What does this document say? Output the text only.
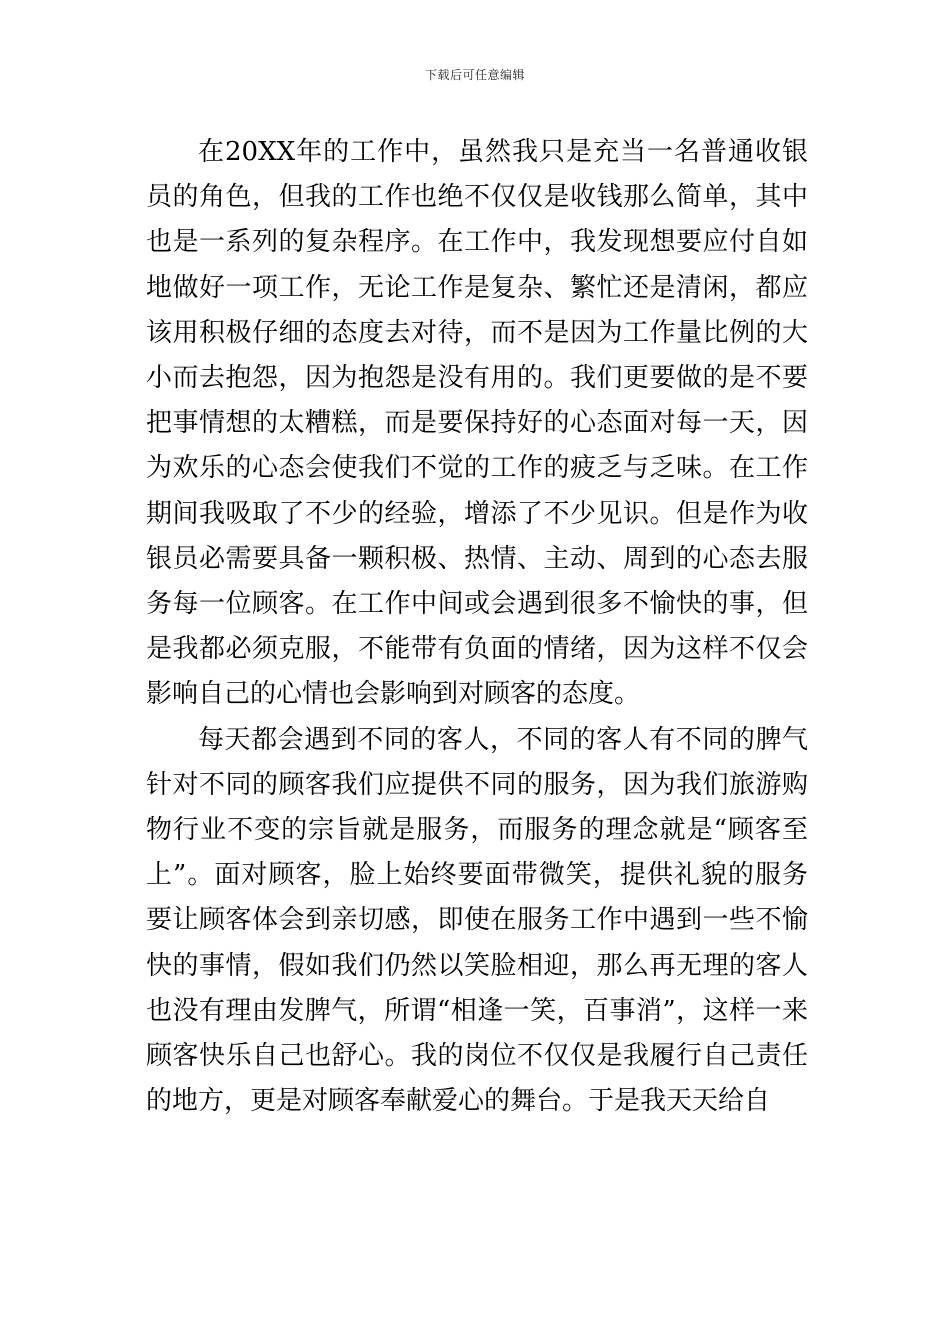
下载后可任意编辑

在20XX年的工作中，虽然我只是充当一名普通收银员的角色，但我的工作也绝不仅仅是收钱那么简单，其中也是一系列的复杂程序。在工作中，我发现想要应付自如地做好一项工作，无论工作是复杂、繁忙还是清闲，都应该用积极仔细的态度去对待，而不是因为工作量比例的大小而去抱怨，因为抱怨是没有用的。我们更要做的是不要把事情想的太糟糕，而是要保持好的心态面对每一天，因为欢乐的心态会使我们不觉的工作的疲乏与乏味。在工作期间我吸取了不少的经验，增添了不少见识。但是作为收银员必需要具备一颗积极、热情、主动、周到的心态去服务每一位顾客。在工作中间或会遇到很多不愉快的事，但是我都必须克服，不能带有负面的情绪，因为这样不仅会影响自己的心情也会影响到对顾客的态度。

每天都会遇到不同的客人，不同的客人有不同的脾气针对不同的顾客我们应提供不同的服务，因为我们旅游购物行业不变的宗旨就是服务，而服务的理念就是“顾客至上”。面对顾客，脸上始终要面带微笑，提供礼貌的服务要让顾客体会到亲切感，即使在服务工作中遇到一些不愉快的事情，假如我们仍然以笑脸相迎，那么再无理的客人也没有理由发脾气，所谓“相逢一笑，百事消”，这样一来顾客快乐自己也舒心。我的岗位不仅仅是我履行自己责任的地方，更是对顾客奉献爱心的舞台。于是我天天给自
